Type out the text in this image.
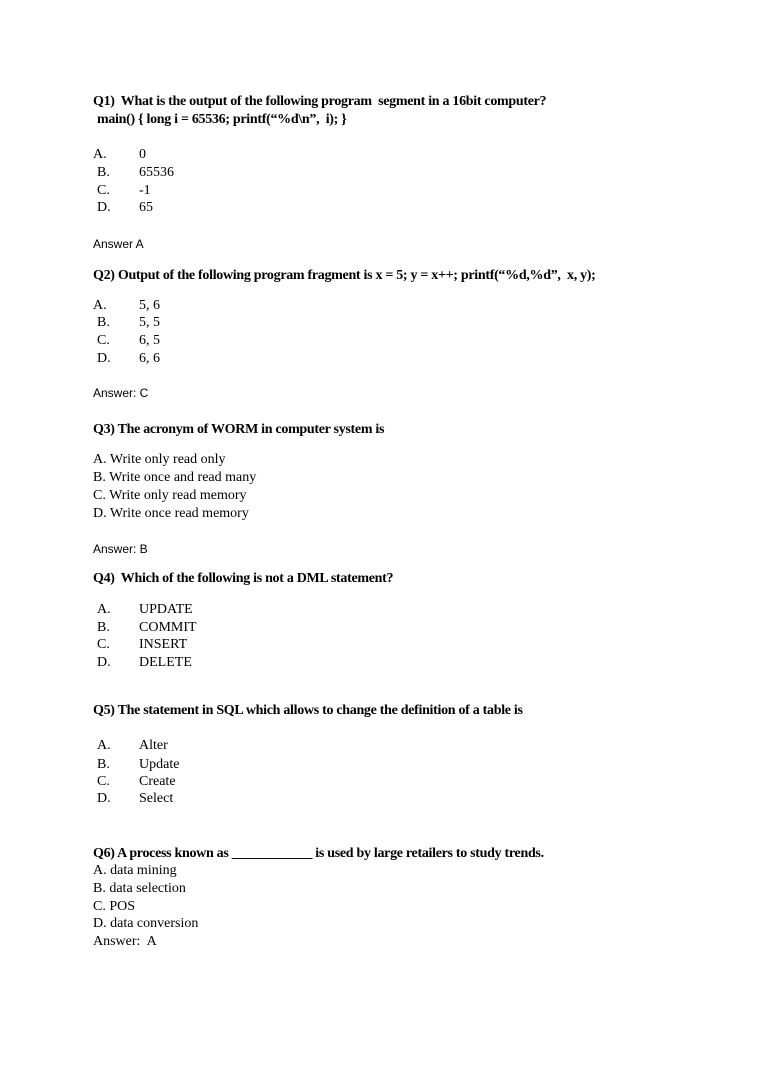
Q1)  What is the output of the following program  segment in a 16bit computer?
main() { long i = 65536; printf(“%d\n”,  i); }
A. 0
B. 65536
C. -1
D. 65
Answer A
Q2) Output of the following program fragment is x = 5; y = x++; printf(“%d,%d”,  x, y);
A. 5, 6
B. 5, 5
C. 6, 5
D. 6, 6
Answer: C
Q3) The acronym of WORM in computer system is
A. Write only read only
B. Write once and read many
C. Write only read memory
D. Write once read memory
Answer: B
Q4)  Which of the following is not a DML statement?
A. UPDATE
B. COMMIT
C. INSERT
D. DELETE
Q5) The statement in SQL which allows to change the definition of a table is
A. Alter
B. Update
C. Create
D. Select
Q6) A process known as ____________ is used by large retailers to study trends.
A. data mining
B. data selection
C. POS
D. data conversion
Answer:  A
